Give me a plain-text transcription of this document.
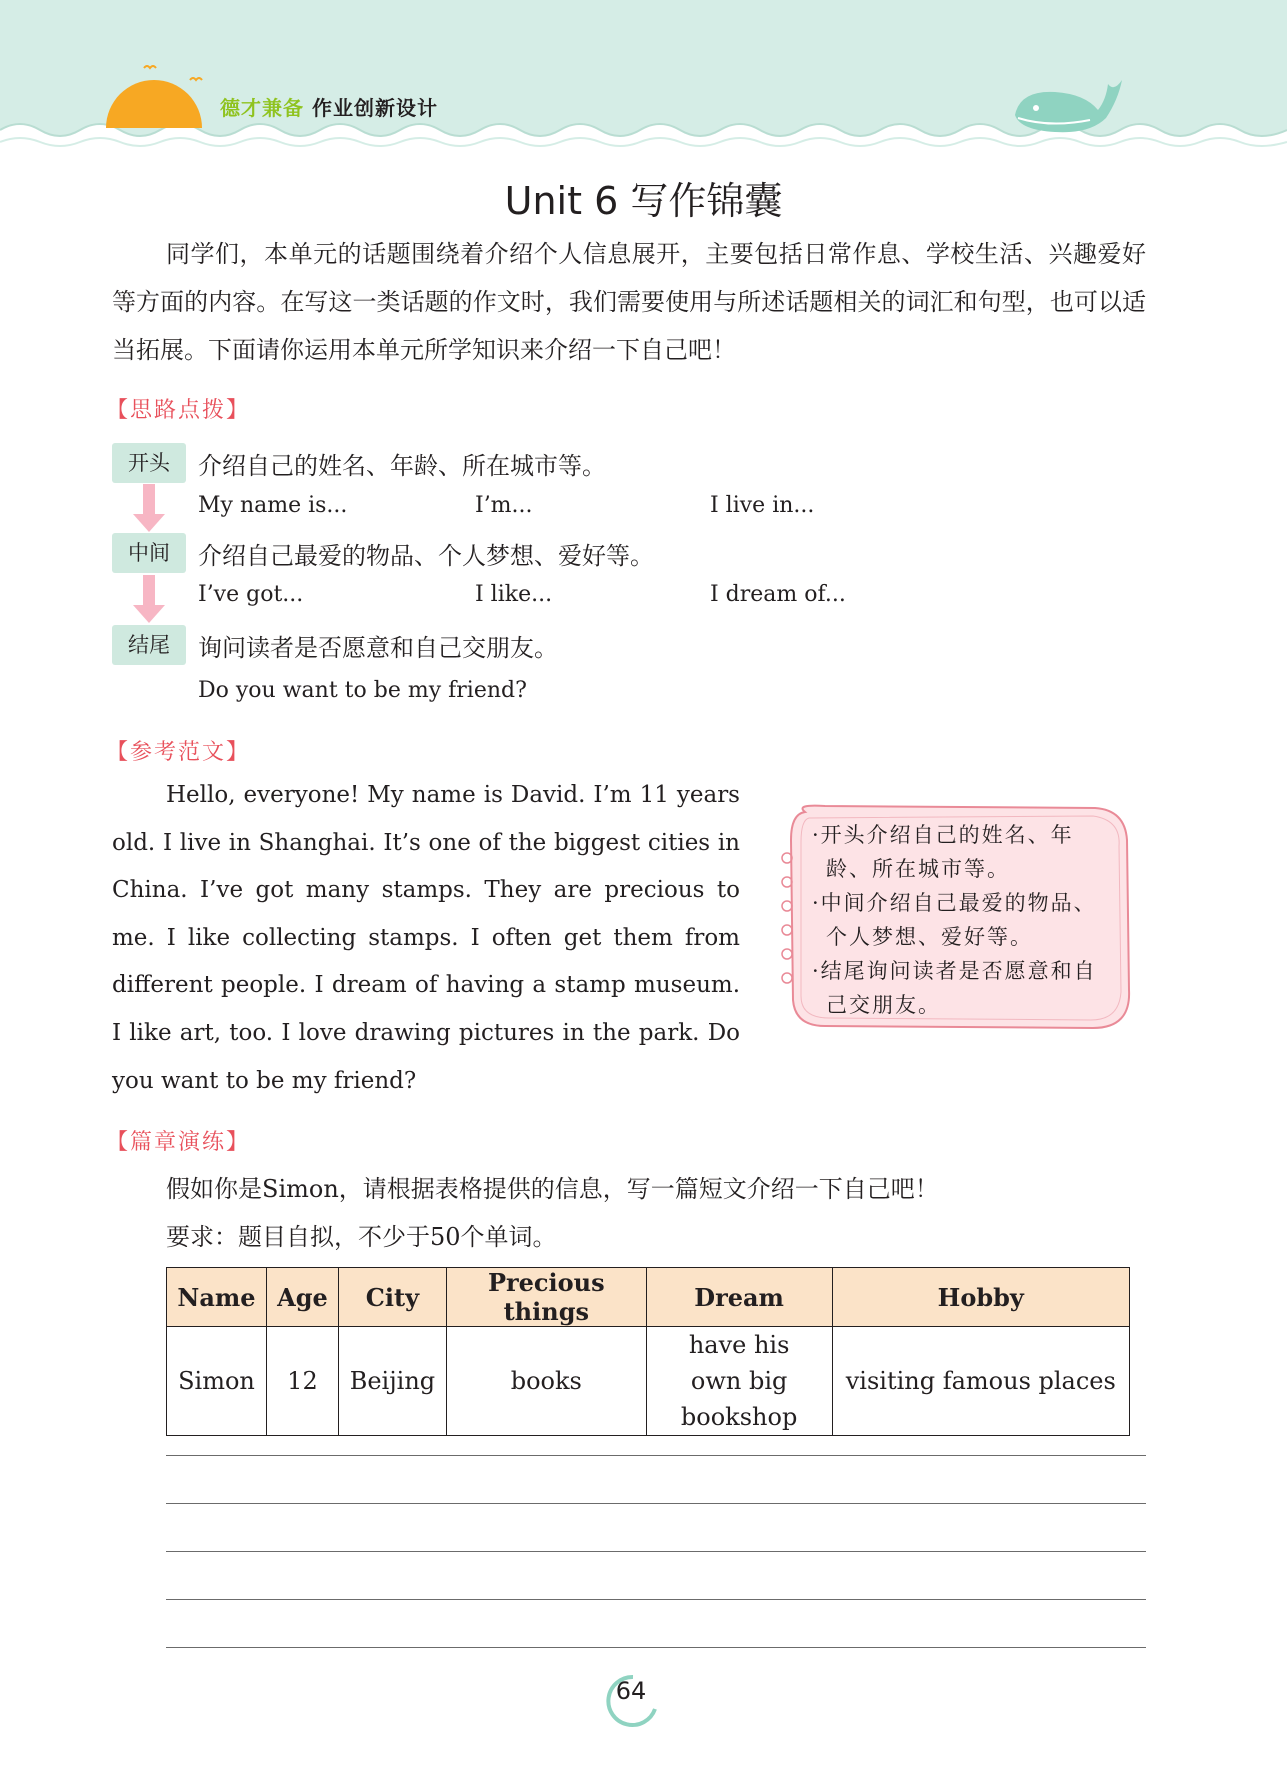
德才兼备 作业创新设计
Unit 6 写作锦囊
同学们，本单元的话题围绕着介绍个人信息展开，主要包括日常作息、学校生活、兴趣爱好等方面的内容。在写这一类话题的作文时，我们需要使用与所述话题相关的词汇和句型，也可以适当拓展。下面请你运用本单元所学知识来介绍一下自己吧！
【思路点拨】
开头	介绍自己的姓名、年龄、所在城市等。
My name is...	I’m...	I live in...
中间	介绍自己最爱的物品、个人梦想、爱好等。
I’ve got...	I like...	I dream of...
结尾	询问读者是否愿意和自己交朋友。
Do you want to be my friend?
【参考范文】

Hello, everyone! My name is David. I’m 11 years old. I live in Shanghai. It’s one of the biggest cities in China. I’ve got many stamps. They are precious to me. I like collecting stamps. I often get them from different people. I dream of having a stamp museum. I like art, too. I love drawing pictures in the park. Do you want to be my friend?

·开头介绍自己的姓名、年龄、所在城市等。
·中间介绍自己最爱的物品、个人梦想、爱好等。
·结尾询问读者是否愿意和自己交朋友。
【篇章演练】
假如你是Simon，请根据表格提供的信息，写一篇短文介绍一下自己吧！
要求：题目自拟，不少于50个单词。
Name	Age	City	Precious things	Dream	Hobby
Simon	12	Beijing	books	have his own big bookshop	visiting famous places
64
